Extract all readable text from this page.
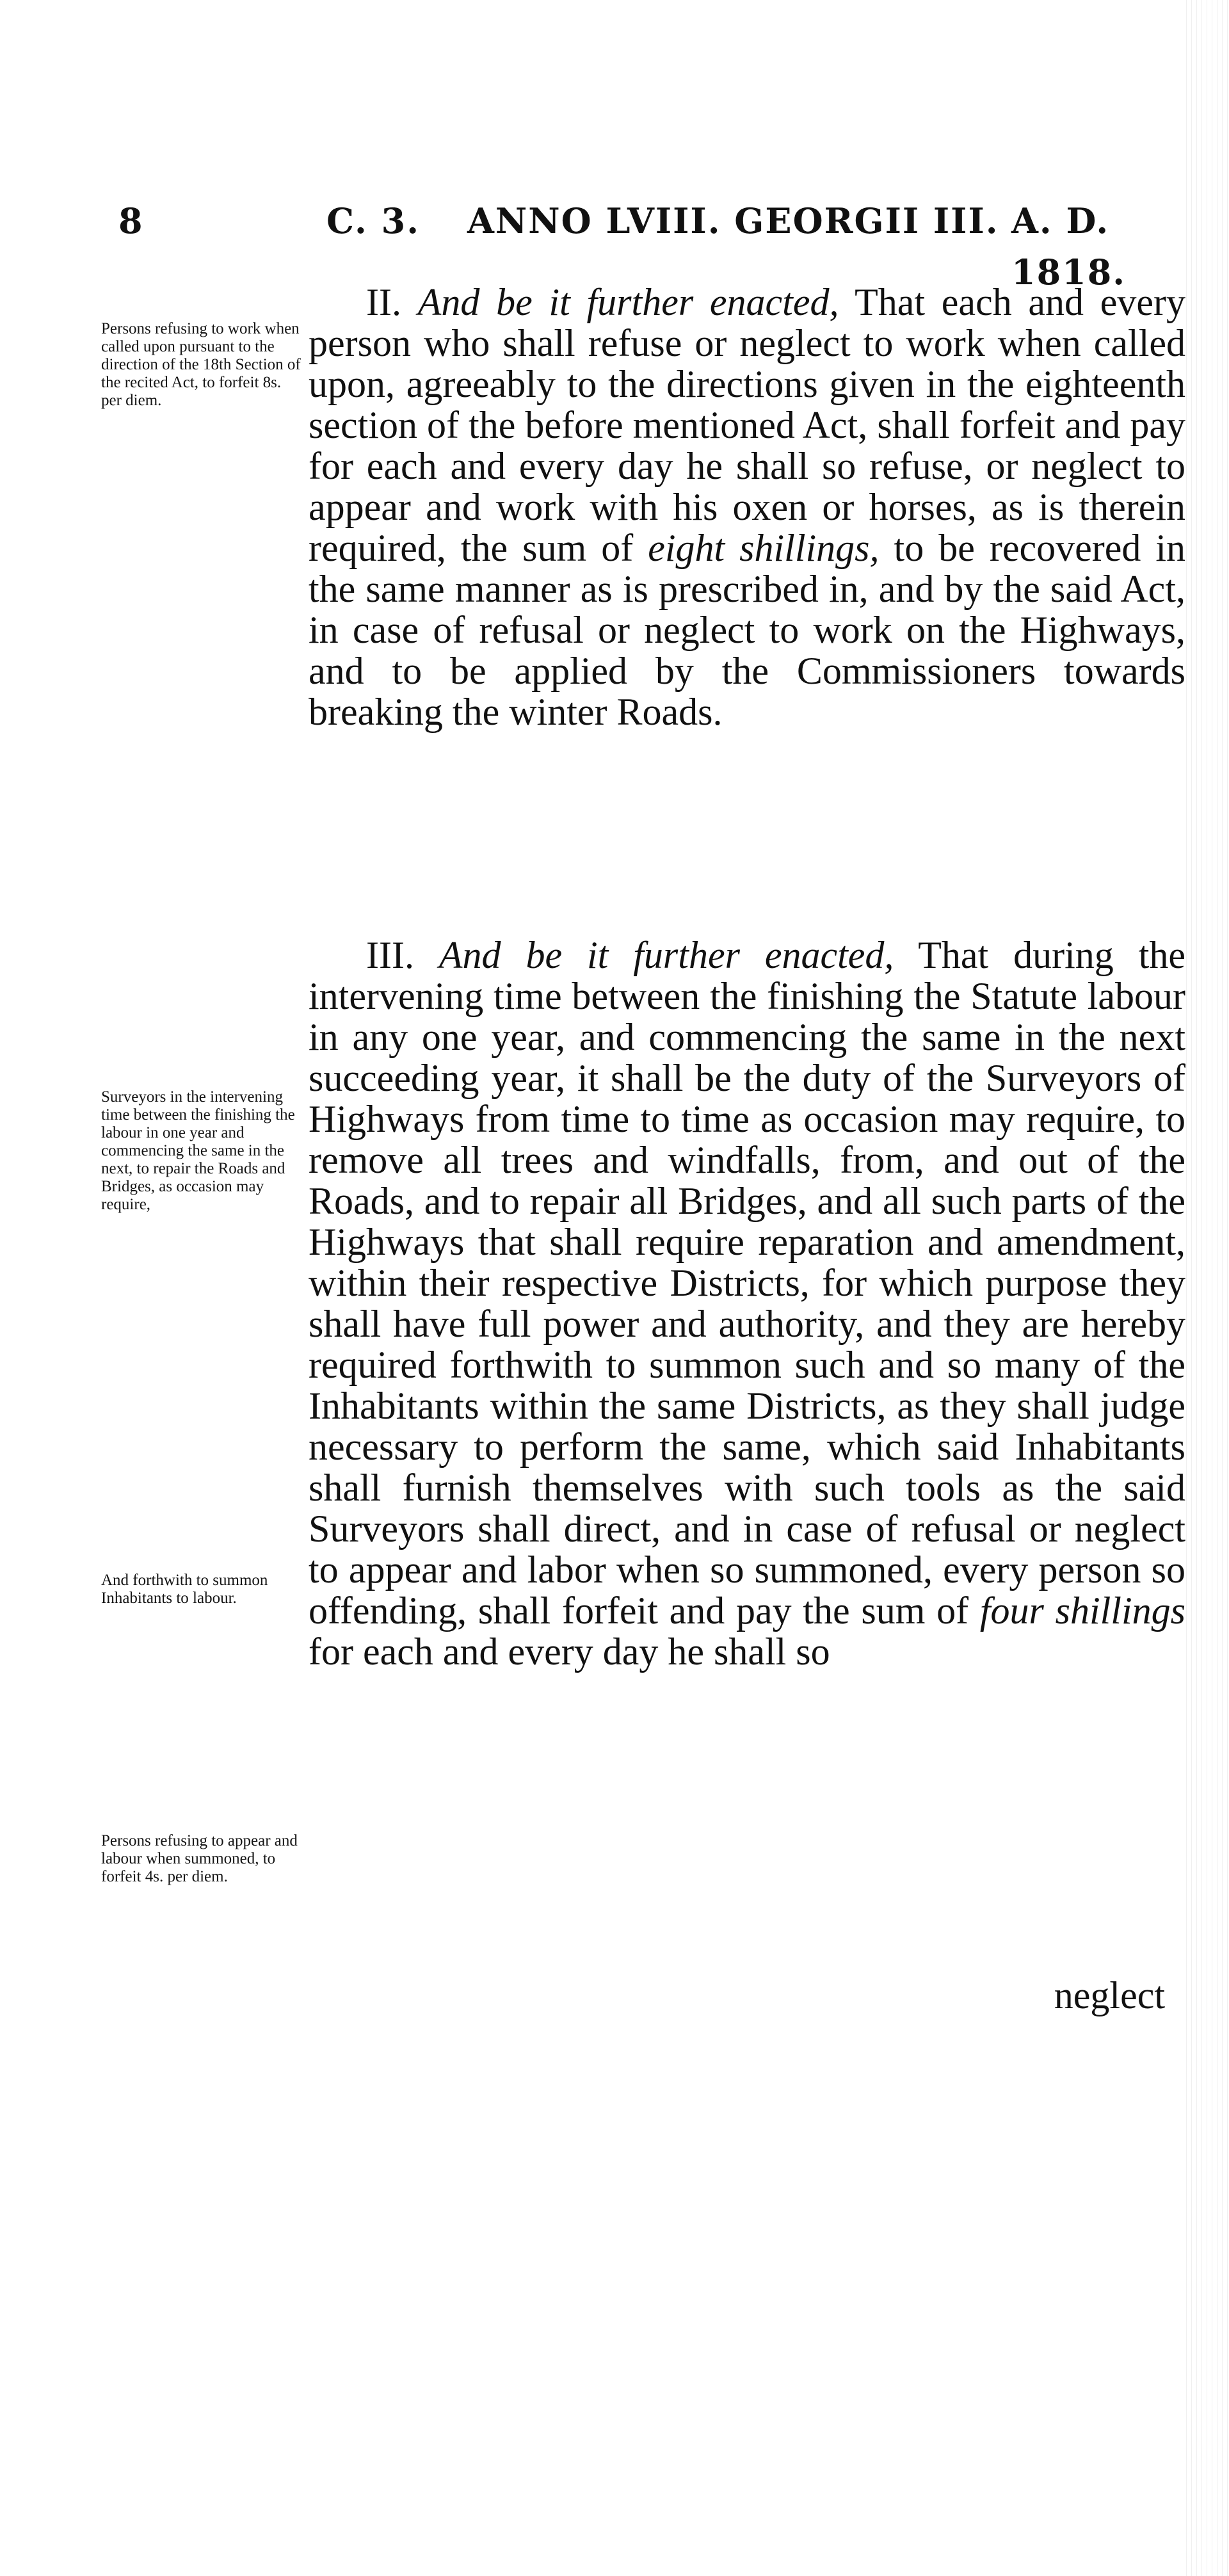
8	C. 3. ANNO LVIII. GEORGII III. A. D. 1818.
Persons refusing to work when called upon pursuant to the direction of the 18th Section of the recited Act, to forfeit 8s. per diem.
Surveyors in the intervening time between the finishing the labour in one year and commencing the same in the next, to repair the Roads and Bridges, as occasion may require,
And forthwith to summon Inhabitants to labour.
Persons refusing to appear and labour when summoned, to forfeit 4s. per diem.
II. And be it further enacted, That each and every person who shall refuse or neglect to work when called upon, agreeably to the directions given in the eighteenth section of the before mentioned Act, shall forfeit and pay for each and every day he shall so refuse, or neglect to appear and work with his oxen or horses, as is therein required, the sum of eight shillings, to be recovered in the same manner as is prescribed in, and by the said Act, in case of refusal or neglect to work on the Highways, and to be applied by the Commissioners towards breaking the winter Roads.
III. And be it further enacted, That during the intervening time between the finishing the Statute labour in any one year, and commencing the same in the next succeeding year, it shall be the duty of the Surveyors of Highways from time to time as occasion may require, to remove all trees and windfalls, from, and out of the Roads, and to repair all Bridges, and all such parts of the Highways that shall require reparation and amendment, within their respective Districts, for which purpose they shall have full power and authority, and they are hereby required forthwith to summon such and so many of the Inhabitants within the same Districts, as they shall judge necessary to perform the same, which said Inhabitants shall furnish themselves with such tools as the said Surveyors shall direct, and in case of refusal or neglect to appear and labor when so summoned, every person so offending, shall forfeit and pay the sum of four shillings for each and every day he shall so
neglect
